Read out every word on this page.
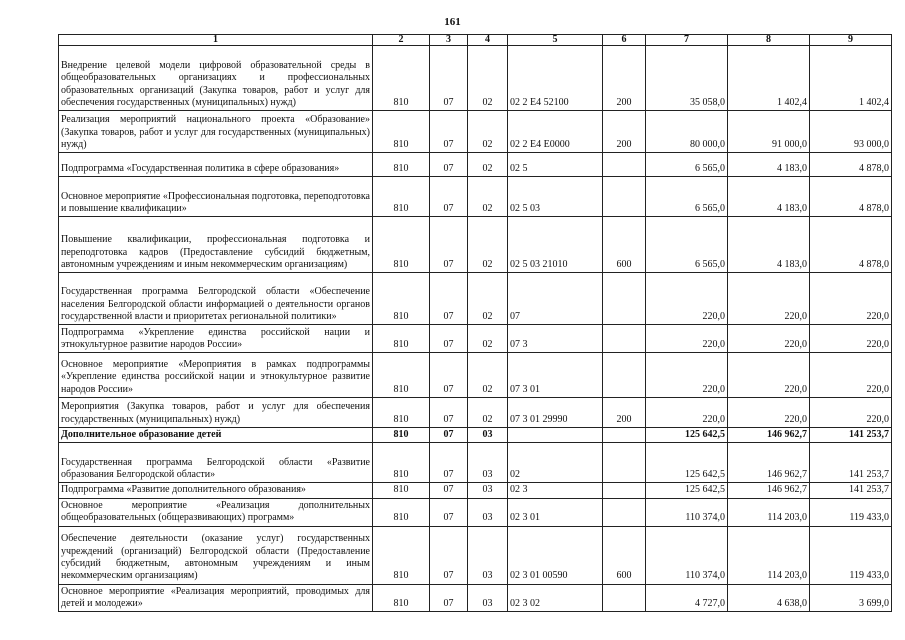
161
1	2	3	4	5	6	7	8	9
Внедрение целевой модели цифровой образовательной среды в общеобразовательных организациях и профессиональных образовательных организаций (Закупка товаров, работ и услуг для обеспечения государственных (муниципальных) нужд)	810	07	02	02 2 E4 52100	200	35 058,0	1 402,4	1 402,4
Реализация мероприятий национального проекта «Образование» (Закупка товаров, работ и услуг для государственных (муниципальных) нужд)	810	07	02	02 2 E4 E0000	200	80 000,0	91 000,0	93 000,0
Подпрограмма «Государственная политика в сфере образования»	810	07	02	02 5		6 565,0	4 183,0	4 878,0
Основное мероприятие «Профессиональная подготовка, переподготовка и повышение квалификации»	810	07	02	02 5 03		6 565,0	4 183,0	4 878,0
Повышение квалификации, профессиональная подготовка и переподготовка кадров (Предоставление субсидий бюджетным, автономным учреждениям и иным некоммерческим организациям)	810	07	02	02 5 03 21010	600	6 565,0	4 183,0	4 878,0
Государственная программа Белгородской области «Обеспечение населения Белгородской области информацией о деятельности органов государственной власти и приоритетах региональной политики»	810	07	02	07		220,0	220,0	220,0
Подпрограмма «Укрепление единства российской нации и этнокультурное развитие народов России»	810	07	02	07 3		220,0	220,0	220,0
Основное мероприятие «Мероприятия в рамках подпрограммы «Укрепление единства российской нации и этнокультурное развитие народов России»	810	07	02	07 3 01		220,0	220,0	220,0
Мероприятия (Закупка товаров, работ и услуг для обеспечения государственных (муниципальных) нужд)	810	07	02	07 3 01 29990	200	220,0	220,0	220,0
Дополнительное образование детей	810	07	03			125 642,5	146 962,7	141 253,7
Государственная программа Белгородской области «Развитие образования Белгородской области»	810	07	03	02		125 642,5	146 962,7	141 253,7
Подпрограмма «Развитие дополнительного образования»	810	07	03	02 3		125 642,5	146 962,7	141 253,7
Основное мероприятие «Реализация дополнительных общеобразовательных (общеразвивающих) программ»	810	07	03	02 3 01		110 374,0	114 203,0	119 433,0
Обеспечение деятельности (оказание услуг) государственных учреждений (организаций) Белгородской области (Предоставление субсидий бюджетным, автономным учреждениям и иным некоммерческим организациям)	810	07	03	02 3 01 00590	600	110 374,0	114 203,0	119 433,0
Основное мероприятие «Реализация мероприятий, проводимых для детей и молодежи»	810	07	03	02 3 02		4 727,0	4 638,0	3 699,0
